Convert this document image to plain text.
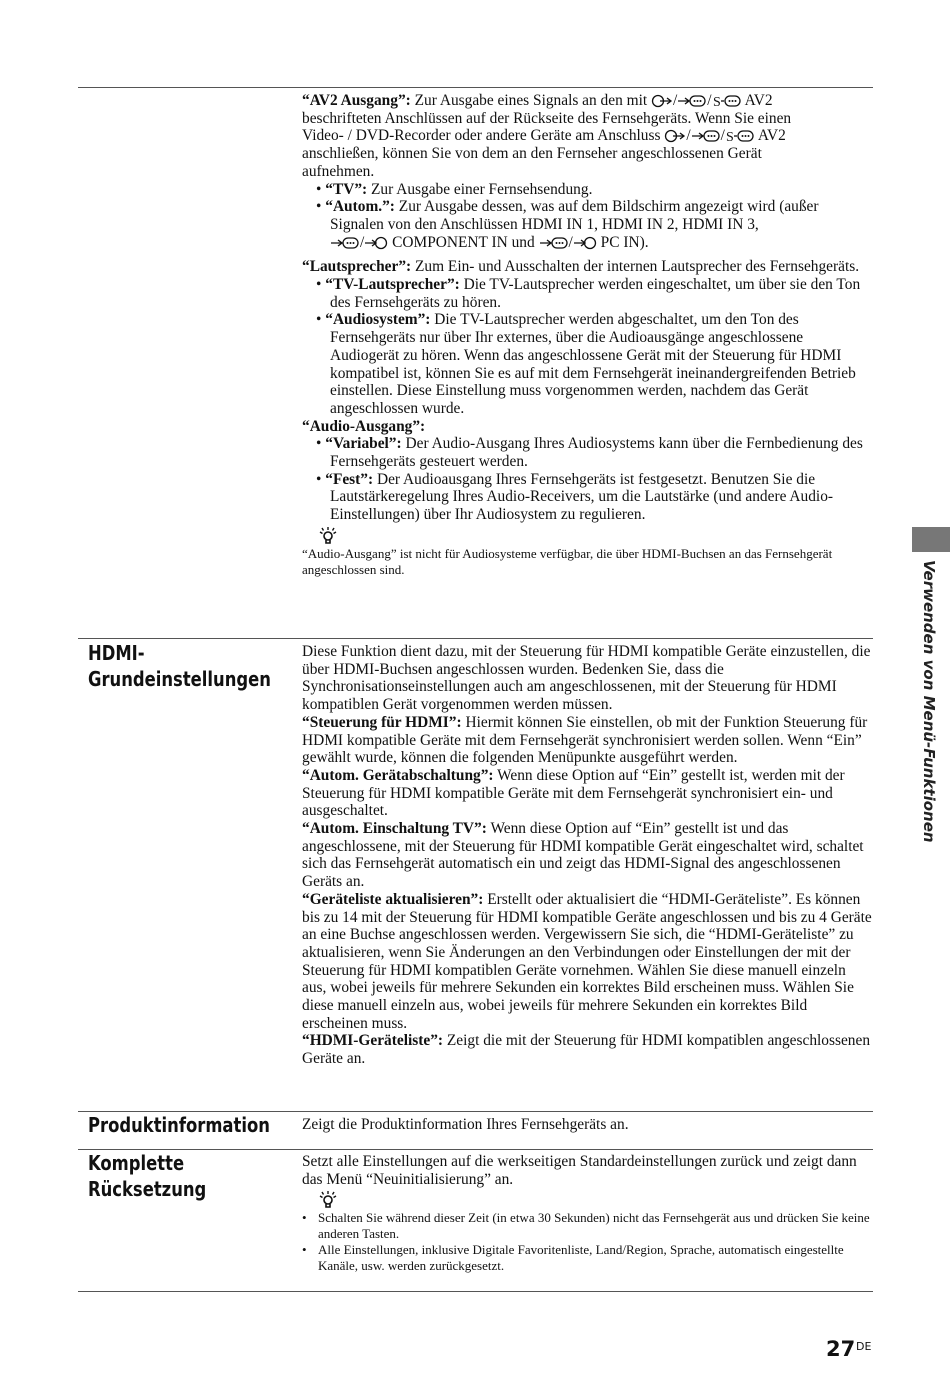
“AV2 Ausgang”: Zur Ausgabe eines Signals an den mit / / S AV2

beschrifteten Anschlüssen auf der Rückseite des Fernsehgeräts. Wenn Sie einen

Video- / DVD-Recorder oder andere Geräte am Anschluss / / S AV2

anschließen, können Sie von dem an den Fernseher angeschlossenen Gerät

aufnehmen.

• “TV”: Zur Ausgabe einer Fernsehsendung.

• “Autom.”: Zur Ausgabe dessen, was auf dem Bildschirm angezeigt wird (außer Signalen von den Anschlüssen HDMI IN 1, HDMI IN 2, HDMI IN 3,
/ COMPONENT IN und / PC IN).

“Lautsprecher”: Zum Ein- und Ausschalten der internen Lautsprecher des Fernsehgeräts.

• “TV-Lautsprecher”: Die TV-Lautsprecher werden eingeschaltet, um über sie den Ton des Fernsehgeräts zu hören.

• “Audiosystem”: Die TV-Lautsprecher werden abgeschaltet, um den Ton des Fernsehgeräts nur über Ihr externes, über die Audioausgänge angeschlossene Audiogerät zu hören. Wenn das angeschlossene Gerät mit der Steuerung für HDMI kompatibel ist, können Sie es auf mit dem Fernsehgerät ineinandergreifenden Betrieb einstellen. Diese Einstellung muss vorgenommen werden, nachdem das Gerät angeschlossen wurde.

“Audio-Ausgang”:

• “Variabel”: Der Audio-Ausgang Ihres Audiosystems kann über die Fernbedienung des Fernsehgeräts gesteuert werden.

• “Fest”: Der Audioausgang Ihres Fernsehgeräts ist festgesetzt. Benutzen Sie die Lautstärkeregelung Ihres Audio-Receivers, um die Lautstärke (und andere Audio-Einstellungen) über Ihr Audiosystem zu regulieren.

“Audio-Ausgang” ist nicht für Audiosysteme verfügbar, die über HDMI-Buchsen an das Fernsehgerät angeschlossen sind.

HDMI-
Grundeinstellungen

Diese Funktion dient dazu, mit der Steuerung für HDMI kompatible Geräte einzustellen, die über HDMI-Buchsen angeschlossen wurden. Bedenken Sie, dass die Synchronisationseinstellungen auch am angeschlossenen, mit der Steuerung für HDMI kompatiblen Gerät vorgenommen werden müssen.

“Steuerung für HDMI”: Hiermit können Sie einstellen, ob mit der Funktion Steuerung für HDMI kompatible Geräte mit dem Fernsehgerät synchronisiert werden sollen. Wenn “Ein” gewählt wurde, können die folgenden Menüpunkte ausgeführt werden.

“Autom. Gerätabschaltung”: Wenn diese Option auf “Ein” gestellt ist, werden mit der Steuerung für HDMI kompatible Geräte mit dem Fernsehgerät synchronisiert ein- und ausgeschaltet.

“Autom. Einschaltung TV”: Wenn diese Option auf “Ein” gestellt ist und das angeschlossene, mit der Steuerung für HDMI kompatible Gerät eingeschaltet wird, schaltet sich das Fernsehgerät automatisch ein und zeigt das HDMI-Signal des angeschlossenen Geräts an.

“Geräteliste aktualisieren”: Erstellt oder aktualisiert die “HDMI-Geräteliste”. Es können bis zu 14 mit der Steuerung für HDMI kompatible Geräte angeschlossen und bis zu 4 Geräte an eine Buchse angeschlossen werden. Vergewissern Sie sich, die “HDMI-Geräteliste” zu aktualisieren, wenn Sie Änderungen an den Verbindungen oder Einstellungen der mit der Steuerung für HDMI kompatiblen Geräte vornehmen. Wählen Sie diese manuell einzeln aus, wobei jeweils für mehrere Sekunden ein korrektes Bild erscheinen muss. Wählen Sie diese manuell einzeln aus, wobei jeweils für mehrere Sekunden ein korrektes Bild erscheinen muss.

“HDMI-Geräteliste”: Zeigt die mit der Steuerung für HDMI kompatiblen angeschlossenen Geräte an.

Produktinformation Zeigt die Produktinformation Ihres Fernsehgeräts an.

Komplette
Rücksetzung

Setzt alle Einstellungen auf die werkseitigen Standardeinstellungen zurück und zeigt dann das Menü “Neuinitialisierung” an.

• Schalten Sie während dieser Zeit (in etwa 30 Sekunden) nicht das Fernsehgerät aus und drücken Sie keine anderen Tasten.

• Alle Einstellungen, inklusive Digitale Favoritenliste, Land/Region, Sprache, automatisch eingestellte Kanäle, usw. werden zurückgesetzt.

Verwenden von Menü-Funktionen
27 DE
